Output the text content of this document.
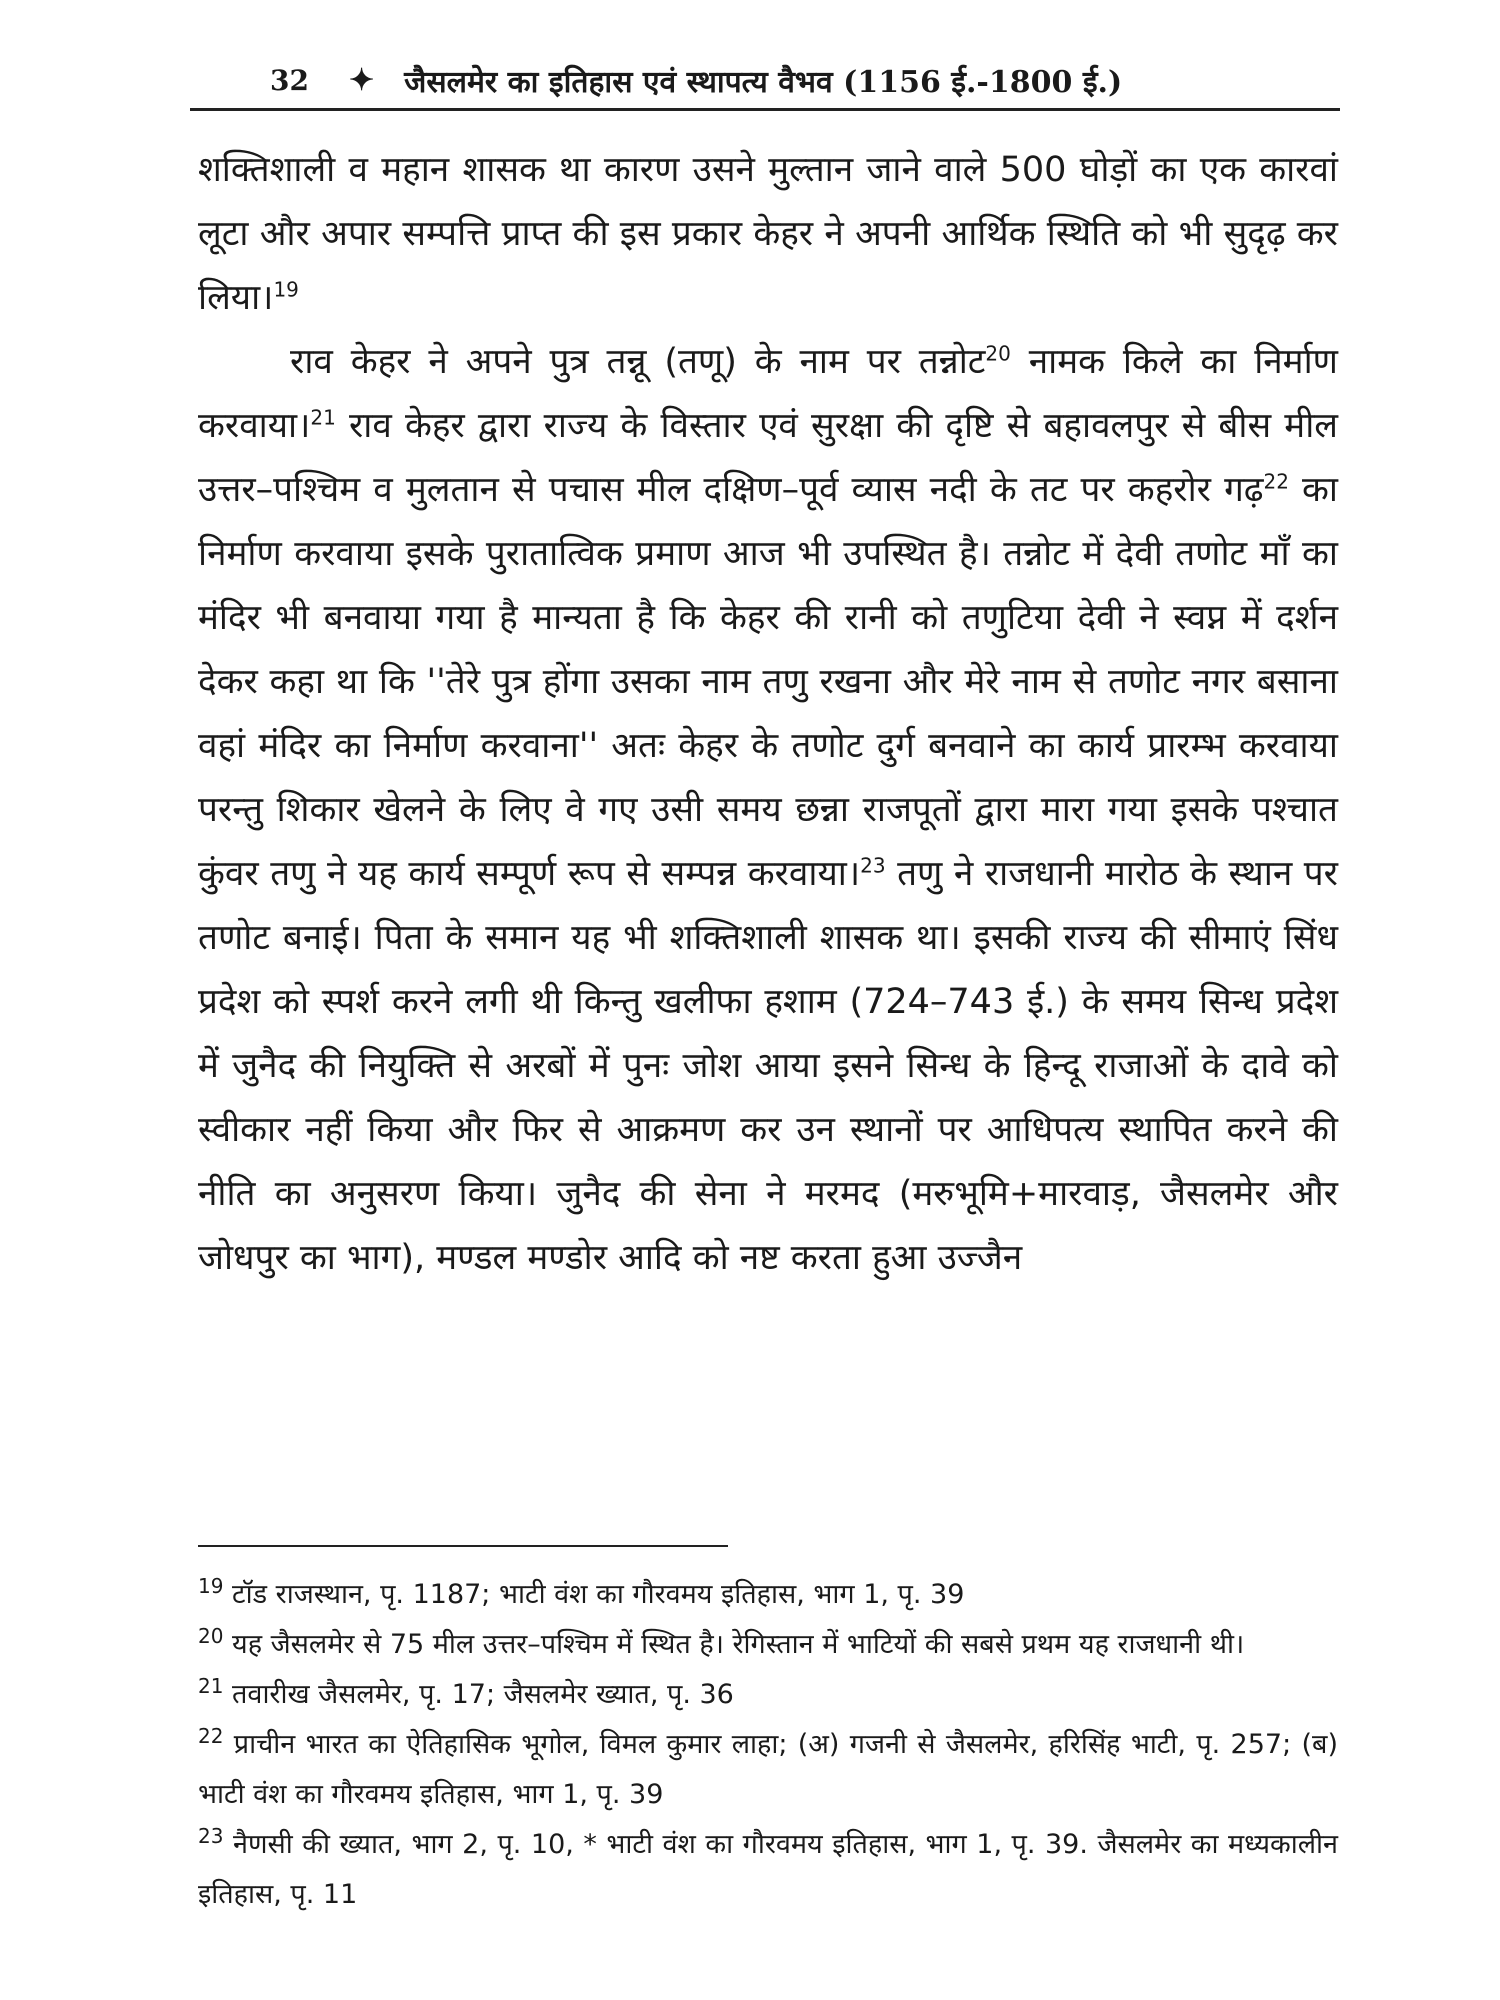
32 ✦ जैसलमेर का इतिहास एवं स्थापत्य वैभव (1156 ई.-1800 ई.)

शक्तिशाली व महान शासक था कारण उसने मुल्तान जाने वाले 500 घोड़ों का एक कारवां लूटा और अपार सम्पत्ति प्राप्त की इस प्रकार केहर ने अपनी आर्थिक स्थिति को भी सुदृढ़ कर लिया।$^{19}$

राव केहर ने अपने पुत्र तन्नू (तणू) के नाम पर तन्नोट$^{20}$ नामक किले का निर्माण करवाया।$^{21}$ राव केहर द्वारा राज्य के विस्तार एवं सुरक्षा की दृष्टि से बहावलपुर से बीस मील उत्तर–पश्चिम व मुलतान से पचास मील दक्षिण–पूर्व व्यास नदी के तट पर कहरोर गढ़$^{22}$ का निर्माण करवाया इसके पुरातात्विक प्रमाण आज भी उपस्थित है। तन्नोट में देवी तणोट माँ का मंदिर भी बनवाया गया है मान्यता है कि केहर की रानी को तणुटिया देवी ने स्वप्न में दर्शन देकर कहा था कि ''तेरे पुत्र होंगा उसका नाम तणु रखना और मेरे नाम से तणोट नगर बसाना वहां मंदिर का निर्माण करवाना'' अतः केहर के तणोट दुर्ग बनवाने का कार्य प्रारम्भ करवाया परन्तु शिकार खेलने के लिए वे गए उसी समय छन्ना राजपूतों द्वारा मारा गया इसके पश्चात कुंवर तणु ने यह कार्य सम्पूर्ण रूप से सम्पन्न करवाया।$^{23}$ तणु ने राजधानी मारोठ के स्थान पर तणोट बनाई। पिता के समान यह भी शक्तिशाली शासक था। इसकी राज्य की सीमाएं सिंध प्रदेश को स्पर्श करने लगी थी किन्तु खलीफा हशाम (724–743 ई.) के समय सिन्ध प्रदेश में जुनैद की नियुक्ति से अरबों में पुनः जोश आया इसने सिन्ध के हिन्दू राजाओं के दावे को स्वीकार नहीं किया और फिर से आक्रमण कर उन स्थानों पर आधिपत्य स्थापित करने की नीति का अनुसरण किया। जुनैद की सेना ने मरमद (मरुभूमि+मारवाड़, जैसलमेर और जोधपुर का भाग), मण्डल मण्डोर आदि को नष्ट करता हुआ उज्जैन

$^{19}$ टॉड राजस्थान, पृ. 1187; भाटी वंश का गौरवमय इतिहास, भाग 1, पृ. 39

$^{20}$ यह जैसलमेर से 75 मील उत्तर–पश्चिम में स्थित है। रेगिस्तान में भाटियों की सबसे प्रथम यह राजधानी थी।

$^{21}$ तवारीख जैसलमेर, पृ. 17; जैसलमेर ख्यात, पृ. 36

$^{22}$ प्राचीन भारत का ऐतिहासिक भूगोल, विमल कुमार लाहा; (अ) गजनी से जैसलमेर, हरिसिंह भाटी, पृ. 257; (ब) भाटी वंश का गौरवमय इतिहास, भाग 1, पृ. 39

$^{23}$ नैणसी की ख्यात, भाग 2, पृ. 10, * भाटी वंश का गौरवमय इतिहास, भाग 1, पृ. 39. जैसलमेर का मध्यकालीन इतिहास, पृ. 11
